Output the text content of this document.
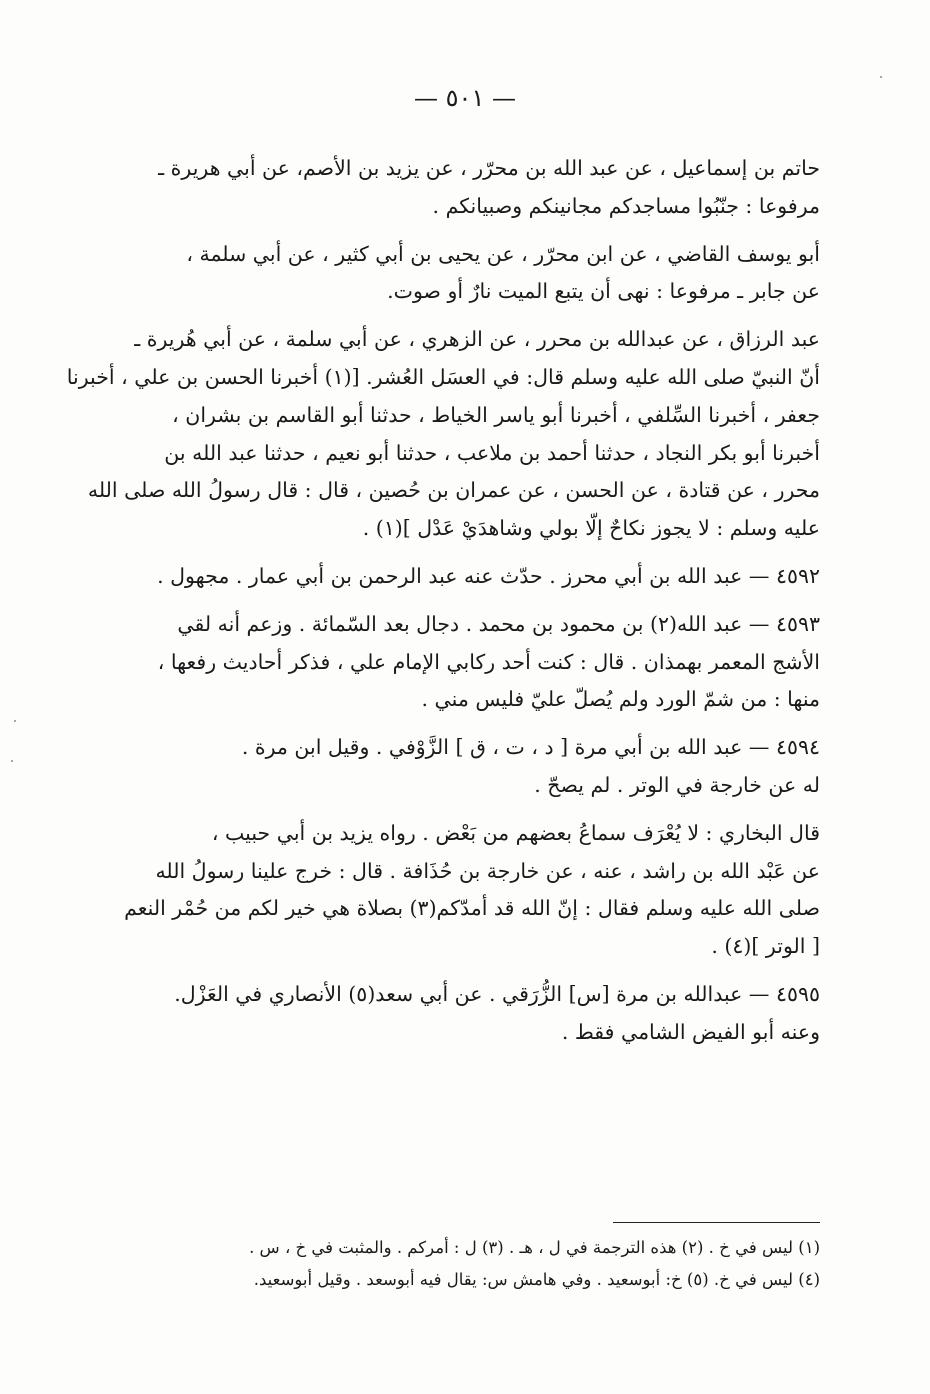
— ٥٠١ —

حاتم بن إسماعيل ، عن عبد الله بن محرّر ، عن يزيد بن الأصم، عن أبي هريرة ـ
مرفوعا : جنّبُوا مساجدكم مجانينكم وصبيانكم .

أبو يوسف القاضي ، عن ابن محرّر ، عن يحيى بن أبي كثير ، عن أبي سلمة ،
عن جابر ـ مرفوعا : نهى أن يتبع الميت نارٌ أو صوت.

عبد الرزاق ، عن عبدالله بن محرر ، عن الزهري ، عن أبي سلمة ، عن أبي هُريرة ـ
أنّ النبيّ صلى الله عليه وسلم قال: في العسَل العُشر. [(١) أخبرنا الحسن بن علي ، أخبرنا
جعفر ، أخبرنا السِّلفي ، أخبرنا أبو ياسر الخياط ، حدثنا أبو القاسم بن بشران ،
أخبرنا أبو بكر النجاد ، حدثنا أحمد بن ملاعب ، حدثنا أبو نعيم ، حدثنا عبد الله بن
محرر ، عن قتادة ، عن الحسن ، عن عمران بن حُصين ، قال : قال رسولُ الله صلى الله
عليه وسلم : لا يجوز نكاحٌ إلّا بولي وشاهدَيْ عَدْل ](١) .

٤٥٩٢ — عبد الله بن أبي محرز . حدّث عنه عبد الرحمن بن أبي عمار . مجهول .

٤٥٩٣ — عبد الله(٢) بن محمود بن محمد . دجال بعد السّمائة . وزعم أنه لقي
الأشج المعمر بهمذان . قال : كنت أحد ركابي الإمام علي ، فذكر أحاديث رفعها ،
منها : من شمّ الورد ولم يُصلّ عليّ فليس مني .

٤٥٩٤ — عبد الله بن أبي مرة [ د ، ت ، ق ] الزَّوْفي . وقيل ابن مرة .
له عن خارجة في الوتر . لم يصحّ .

قال البخاري : لا يُعْرَف سماعُ بعضهم من بَعْض . رواه يزيد بن أبي حبيب ،
عن عَبْد الله بن راشد ، عنه ، عن خارجة بن حُذَافة . قال : خرج علينا رسولُ الله
صلى الله عليه وسلم فقال : إنّ الله قد أمدّكم(٣) بصلاة هي خير لكم من حُمْر النعم
[ الوتر ](٤) .

٤٥٩٥ — عبدالله بن مرة [س] الزُّرَقي . عن أبي سعد(٥) الأنصاري في العَزْل.
وعنه أبو الفيض الشامي فقط .

(١) ليس في خ . (٢) هذه الترجمة في ل ، هـ . (٣) ل : أمركم . والمثبت في خ ، س .
(٤) ليس في خ. (٥) خ: أبوسعيد . وفي هامش س: يقال فيه أبوسعد . وقيل أبوسعيد.
